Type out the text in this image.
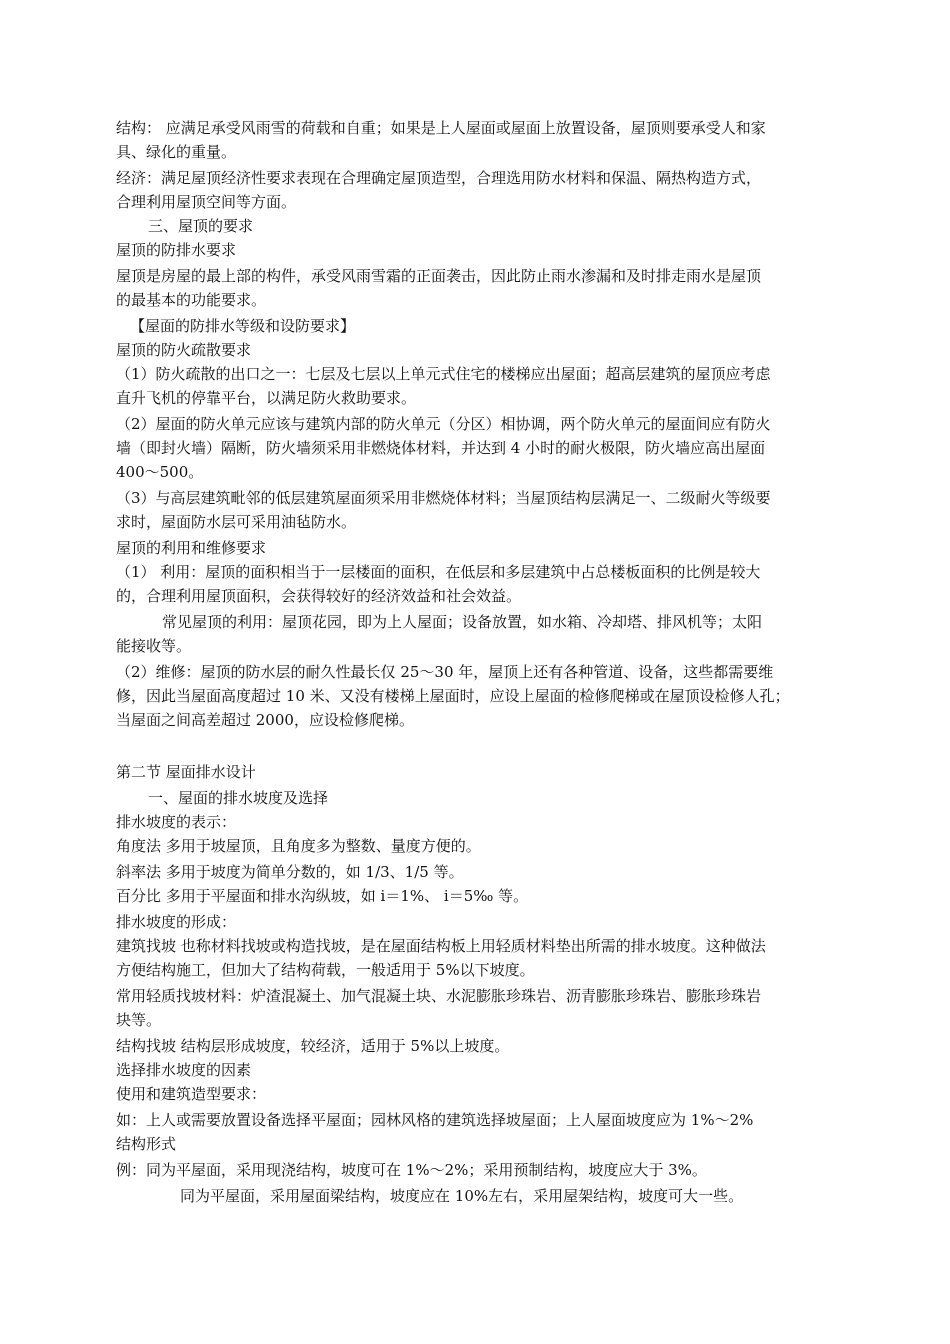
结构： 应满足承受风雨雪的荷载和自重；如果是上人屋面或屋面上放置设备，屋顶则要承受人和家
具、绿化的重量。
经济：满足屋顶经济性要求表现在合理确定屋顶造型，合理选用防水材料和保温、隔热构造方式，
合理利用屋顶空间等方面。
三、屋顶的要求
屋顶的防排水要求
屋顶是房屋的最上部的构件，承受风雨雪霜的正面袭击，因此防止雨水渗漏和及时排走雨水是屋顶
的最基本的功能要求。
【屋面的防排水等级和设防要求】
屋顶的防火疏散要求
（1）防火疏散的出口之一：七层及七层以上单元式住宅的楼梯应出屋面；超高层建筑的屋顶应考虑
直升飞机的停靠平台，以满足防火救助要求。
（2）屋面的防火单元应该与建筑内部的防火单元（分区）相协调，两个防火单元的屋面间应有防火
墙（即封火墙）隔断，防火墙须采用非燃烧体材料，并达到 4 小时的耐火极限，防火墙应高出屋面
400～500。
（3）与高层建筑毗邻的低层建筑屋面须采用非燃烧体材料；当屋顶结构层满足一、二级耐火等级要
求时，屋面防水层可采用油毡防水。
屋顶的利用和维修要求
（1） 利用：屋顶的面积相当于一层楼面的面积，在低层和多层建筑中占总楼板面积的比例是较大
的，合理利用屋顶面积，会获得较好的经济效益和社会效益。
常见屋顶的利用：屋顶花园，即为上人屋面；设备放置，如水箱、冷却塔、排风机等；太阳
能接收等。
（2）维修：屋顶的防水层的耐久性最长仅 25～30 年，屋顶上还有各种管道、设备，这些都需要维
修，因此当屋面高度超过 10 米、又没有楼梯上屋面时，应设上屋面的检修爬梯或在屋顶设检修人孔；
当屋面之间高差超过 2000，应设检修爬梯。
第二节 屋面排水设计
一、屋面的排水坡度及选择
排水坡度的表示：
角度法 多用于坡屋顶，且角度多为整数、量度方便的。
斜率法 多用于坡度为简单分数的，如 1/3、1/5 等。
百分比 多用于平屋面和排水沟纵坡，如 i＝1%、 i＝5‰ 等。
排水坡度的形成：
建筑找坡 也称材料找坡或构造找坡，是在屋面结构板上用轻质材料垫出所需的排水坡度。这种做法
方便结构施工，但加大了结构荷载，一般适用于 5%以下坡度。
常用轻质找坡材料：炉渣混凝土、加气混凝土块、水泥膨胀珍珠岩、沥青膨胀珍珠岩、膨胀珍珠岩
块等。
结构找坡 结构层形成坡度，较经济，适用于 5%以上坡度。
选择排水坡度的因素
使用和建筑造型要求：
如：上人或需要放置设备选择平屋面；园林风格的建筑选择坡屋面；上人屋面坡度应为 1%～2%
结构形式
例：同为平屋面，采用现浇结构，坡度可在 1%～2%；采用预制结构，坡度应大于 3%。
同为平屋面，采用屋面梁结构，坡度应在 10%左右，采用屋架结构，坡度可大一些。
